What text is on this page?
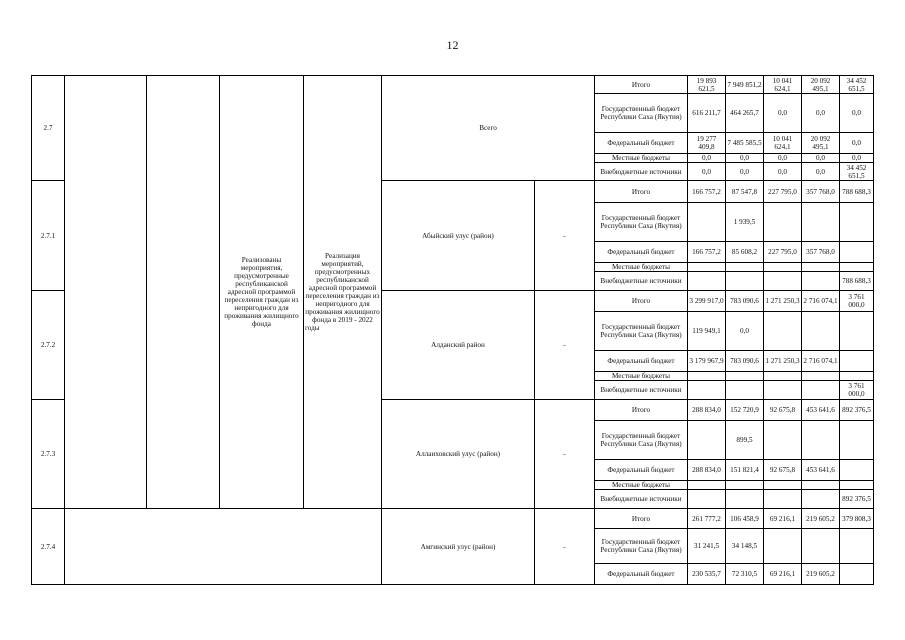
12
2.7			Реализованы мероприятия, предусмотренные республиканской адресной программой переселения граждан из непригодного для проживания жилищного фонда	Реализация мероприятий, предусмотренных республиканской адресной программой переселения граждан из непригодного для проживания жилищного фонда в 2019 - 2022 годы	Всего		Итого	19 893 621,5	7 949 851,2	10 041 624,1	20 092 495,1	34 452 651,5
							Государственный бюджет Республики Саха (Якутия)	616 211,7	464 265,7	0,0	0,0	0,0
							Федеральный бюджет	19 277 409,8	7 485 585,5	10 041 624,1	20 092 495,1	0,0
							Местные бюджеты	0,0	0,0	0,0	0,0	0,0
							Внебюджетные источники	0,0	0,0	0,0	0,0	34 452 651,5
2.7.1					Абыйский улус (район)	-	Итого	166 757,2	87 547,8	227 795,0	357 768,0	788 688,3
							Государственный бюджет Республики Саха (Якутия)		1 939,5			
							Федеральный бюджет	166 757,2	85 608,2	227 795,0	357 768,0	
							Местные бюджеты					
							Внебюджетные источники					788 688,3
2.7.2					Алданский район	-	Итого	3 299 917,0	783 090,6	1 271 250,3	2 716 074,1	3 761 000,0
							Государственный бюджет Республики Саха (Якутия)	119 949,1	0,0			
							Федеральный бюджет	3 179 967,9	783 090,6	1 271 250,3	2 716 074,1	
							Местные бюджеты					
							Внебюджетные источники					3 761 000,0
2.7.3					Аллаиховский улус (район)	-	Итого	288 834,0	152 720,9	92 675,8	453 641,6	892 376,5
							Государственный бюджет Республики Саха (Якутия)		899,5			
							Федеральный бюджет	288 834,0	151 821,4	92 675,8	453 641,6	
							Местные бюджеты					
							Внебюджетные источники					892 376,5
2.7.4					Амгинский улус (район)	-	Итого	261 777,2	106 458,9	69 216,1	219 605,2	379 808,3
							Государственный бюджет Республики Саха (Якутия)	31 241,5	34 148,5			
							Федеральный бюджет	230 535,7	72 310,5	69 216,1	219 605,2	
